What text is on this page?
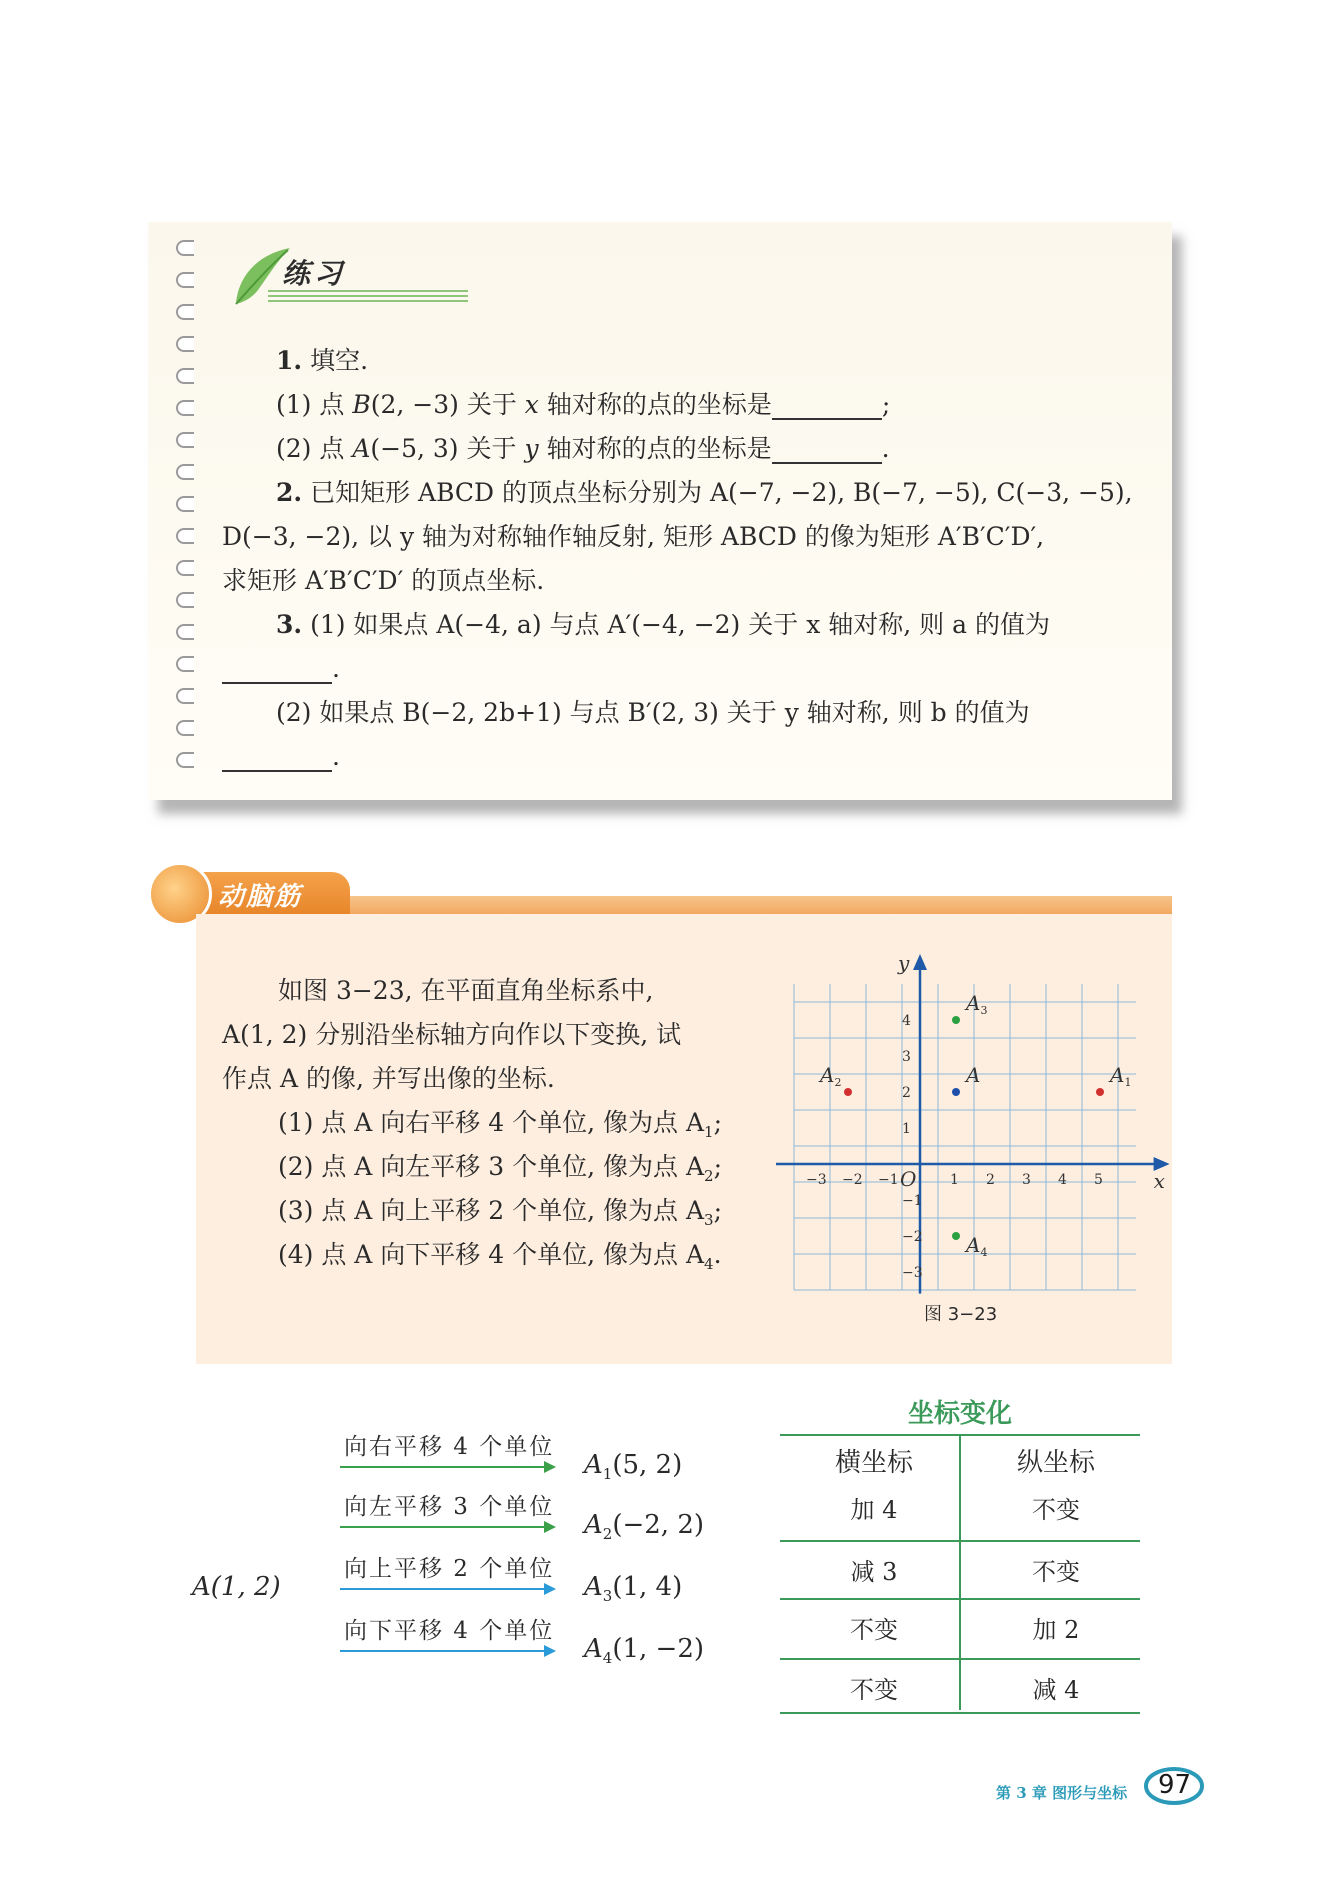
练习
1. 填空.
(1) 点 B(2, −3) 关于 x 轴对称的点的坐标是	;
(2) 点 A(−5, 3) 关于 y 轴对称的点的坐标是	.
2. 已知矩形 ABCD 的顶点坐标分别为 A(−7, −2), B(−7, −5), C(−3, −5),
D(−3, −2), 以 y 轴为对称轴作轴反射, 矩形 ABCD 的像为矩形 A′B′C′D′,
求矩形 A′B′C′D′ 的顶点坐标.
3. (1) 如果点 A(−4, a) 与点 A′(−4, −2) 关于 x 轴对称, 则 a 的值为
.
(2) 如果点 B(−2, 2b+1) 与点 B′(2, 3) 关于 y 轴对称, 则 b 的值为
.
动脑筋
如图 3−23, 在平面直角坐标系中,
A(1, 2) 分别沿坐标轴方向作以下变换, 试
作点 A 的像, 并写出像的坐标.
(1) 点 A 向右平移 4 个单位, 像为点 $A_1$;
(2) 点 A 向左平移 3 个单位, 像为点 $A_2$;
(3) 点 A 向上平移 2 个单位, 像为点 $A_3$;
(4) 点 A 向下平移 4 个单位, 像为点 $A_4$.
x
y
O
−3 −2 −1	1 2 3 4 5
4
3
2
1
−1
−2
−3
A	$A_1$
$A_2$
$A_3$
$A_4$
图 3−23
A(1, 2)
向右平移 4 个单位
$A_1(5$, 2)
向左平移 3 个单位
$A_2(-2$, 2)
向上平移 2 个单位
$A_3(1$, 4)
向下平移 4 个单位
$A_4(1$, −2)
坐标变化
横坐标	纵坐标
加 4	不变
减 3	不变
不变	加 2
不变	减 4
第 3 章 图形与坐标 97
